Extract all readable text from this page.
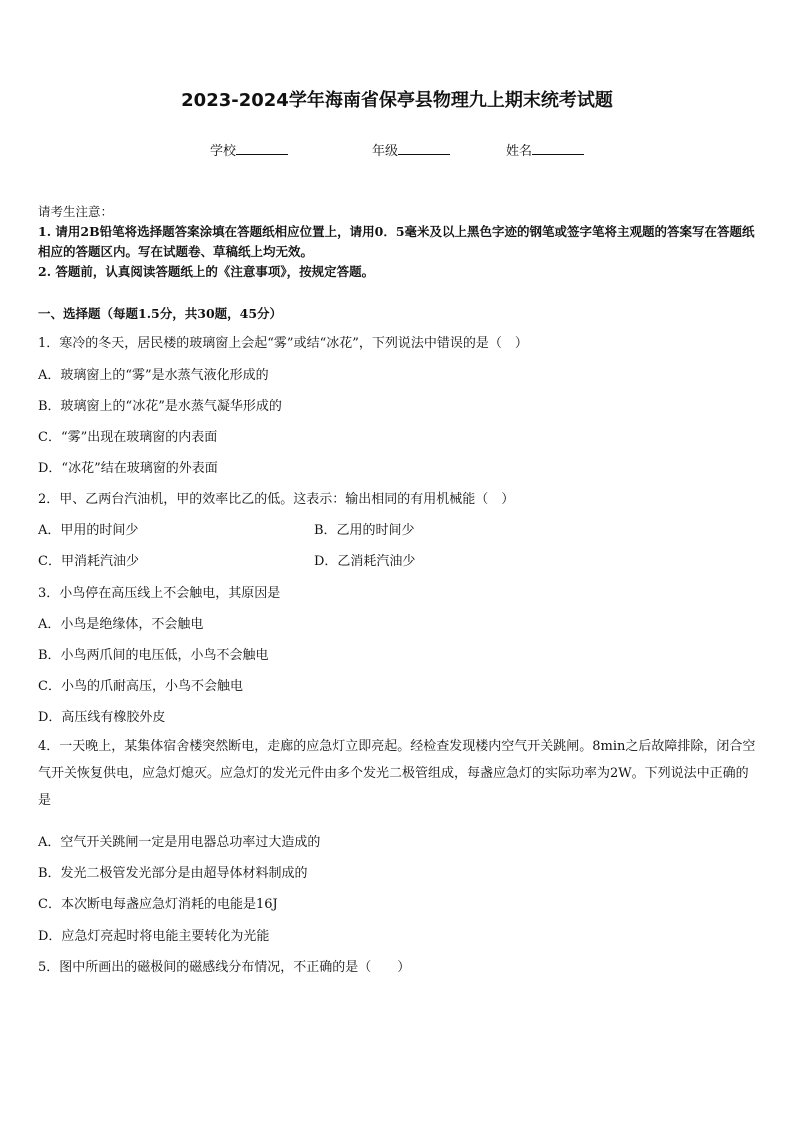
2023-2024学年海南省保亭县物理九上期末统考试题
学校	年级	姓名
请考生注意：
1. 请用2B铅笔将选择题答案涂填在答题纸相应位置上，请用0．5毫米及以上黑色字迹的钢笔或签字笔将主观题的答案写在答题纸相应的答题区内。写在试题卷、草稿纸上均无效。
2. 答题前，认真阅读答题纸上的《注意事项》，按规定答题。
一、选择题（每题1.5分，共30题，45分）
1．寒冷的冬天，居民楼的玻璃窗上会起“雾”或结“冰花”，下列说法中错误的是（　）
A．玻璃窗上的“雾”是水蒸气液化形成的
B．玻璃窗上的“冰花”是水蒸气凝华形成的
C．“雾”出现在玻璃窗的内表面
D．“冰花”结在玻璃窗的外表面
2．甲、乙两台汽油机，甲的效率比乙的低。这表示：输出相同的有用机械能（　）
A．甲用的时间少	B．乙用的时间少
C．甲消耗汽油少	D．乙消耗汽油少
3．小鸟停在高压线上不会触电，其原因是
A．小鸟是绝缘体，不会触电
B．小鸟两爪间的电压低，小鸟不会触电
C．小鸟的爪耐高压，小鸟不会触电
D．高压线有橡胶外皮
4．一天晚上，某集体宿舍楼突然断电，走廊的应急灯立即亮起。经检查发现楼内空气开关跳闸。8min之后故障排除，闭合空气开关恢复供电，应急灯熄灭。应急灯的发光元件由多个发光二极管组成，每盏应急灯的实际功率为2W。下列说法中正确的是
A．空气开关跳闸一定是用电器总功率过大造成的
B．发光二极管发光部分是由超导体材料制成的
C．本次断电每盏应急灯消耗的电能是16J
D．应急灯亮起时将电能主要转化为光能
5．图中所画出的磁极间的磁感线分布情况，不正确的是（　　）
